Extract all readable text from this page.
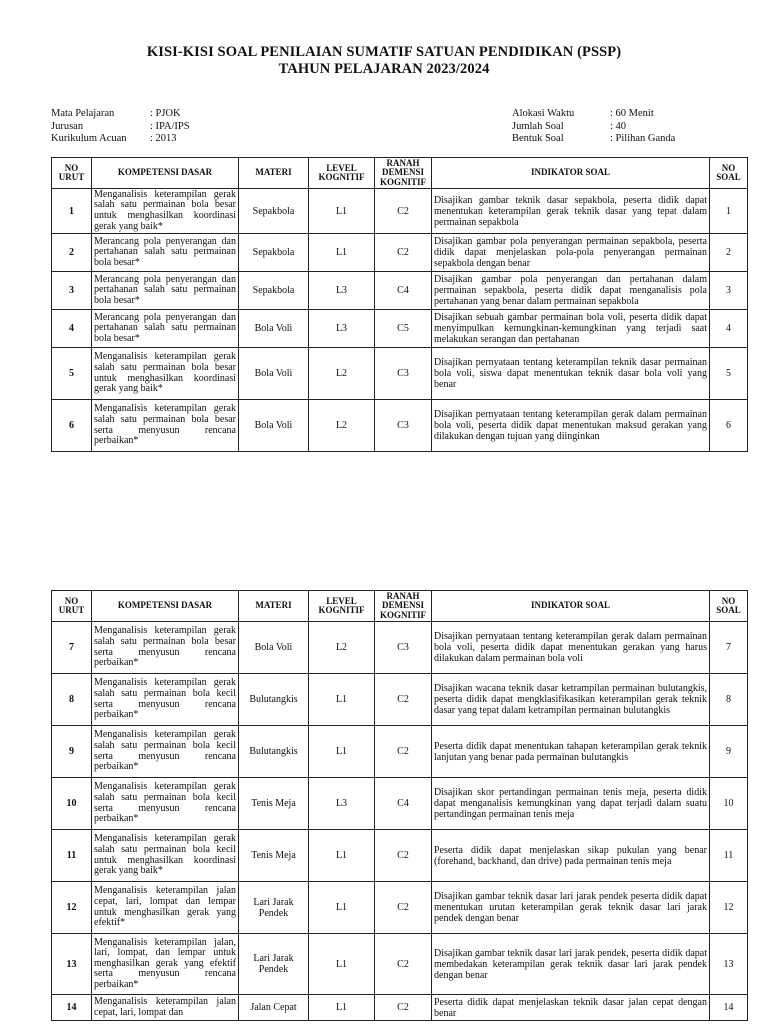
KISI-KISI SOAL PENILAIAN SUMATIF SATUAN PENDIDIKAN (PSSP)
TAHUN PELAJARAN 2023/2024
Mata Pelajaran	: PJOK
Jurusan	: IPA/IPS
Kurikulum Acuan	: 2013
Alokasi Waktu	: 60 Menit
Jumlah Soal	: 40
Bentuk Soal	: Pilihan Ganda
NO URUT	KOMPETENSI DASAR	MATERI	LEVEL KOGNITIF	RANAH DEMENSI KOGNITIF	INDIKATOR SOAL	NO SOAL
1	Menganalisis keterampilan gerak salah satu permainan bola besar untuk menghasilkan koordinasi gerak yang baik*	Sepakbola	L1	C2	Disajikan gambar teknik dasar sepakbola, peserta didik dapat menentukan keterampilan gerak teknik dasar yang tepat dalam permainan sepakbola	1
2	Merancang pola penyerangan dan pertahanan salah satu permainan bola besar*	Sepakbola	L1	C2	Disajikan gambar pola penyerangan permainan sepakbola, peserta didik dapat menjelaskan pola-pola penyerangan permainan sepakbola dengan benar	2
3	Merancang pola penyerangan dan pertahanan salah satu permainan bola besar*	Sepakbola	L3	C4	Disajikan gambar pola penyerangan dan pertahanan dalam permainan sepakbola, peserta didik dapat menganalisis pola pertahanan yang benar dalam permainan sepakbola	3
4	Merancang pola penyerangan dan pertahanan salah satu permainan bola besar*	Bola Voli	L3	C5	Disajikan sebuah gambar permainan bola voli, peserta didik dapat menyimpulkan kemungkinan-kemungkinan yang terjadi saat melakukan serangan dan pertahanan	4
5	Menganalisis keterampilan gerak salah satu permainan bola besar untuk menghasilkan koordinasi gerak yang baik*	Bola Voli	L2	C3	Disajikan pernyataan tentang keterampilan teknik dasar permainan bola voli, siswa dapat menentukan teknik dasar bola voli yang benar	5
6	Menganalisis keterampilan gerak salah satu permainan bola besar serta menyusun rencana perbaikan*	Bola Voli	L2	C3	Disajikan pernyataan tentang keterampilan gerak dalam permainan bola voli, peserta didik dapat menentukan maksud gerakan yang dilakukan dengan tujuan yang diinginkan	6
NO URUT	KOMPETENSI DASAR	MATERI	LEVEL KOGNITIF	RANAH DEMENSI KOGNITIF	INDIKATOR SOAL	NO SOAL
7	Menganalisis keterampilan gerak salah satu permainan bola besar serta menyusun rencana perbaikan*	Bola Voli	L2	C3	Disajikan pernyataan tentang keterampilan gerak dalam permainan bola voli, peserta didik dapat menentukan gerakan yang harus dilakukan dalam permainan bola voli	7
8	Menganalisis keterampilan gerak salah satu permainan bola kecil serta menyusun rencana perbaikan*	Bulutangkis	L1	C2	Disajikan wacana teknik dasar ketrampilan permainan bulutangkis, peserta didik dapat mengklasifikasikan keterampilan gerak teknik dasar yang tepat dalam ketrampilan permainan bulutangkis	8
9	Menganalisis keterampilan gerak salah satu permainan bola kecil serta menyusun rencana perbaikan*	Bulutangkis	L1	C2	Peserta didik dapat menentukan tahapan keterampilan gerak teknik lanjutan yang benar pada permainan bulutangkis	9
10	Menganalisis keterampilan gerak salah satu permainan bola kecil serta menyusun rencana perbaikan*	Tenis Meja	L3	C4	Disajikan skor pertandingan permainan tenis meja, peserta didik dapat menganalisis kemungkinan yang dapat terjadi dalam suatu pertandingan permainan tenis meja	10
11	Menganalisis keterampilan gerak salah satu permainan bola kecil untuk menghasilkan koordinasi gerak yang baik*	Tenis Meja	L1	C2	Peserta didik dapat menjelaskan sikap pukulan yang benar (forehand, backhand, dan drive) pada permainan tenis meja	11
12	Menganalisis keterampilan jalan cepat, lari, lompat dan lempar untuk menghasilkan gerak yang efektif*	Lari Jarak Pendek	L1	C2	Disajikan gambar teknik dasar lari jarak pendek peserta didik dapat menentukan urutan keterampilan gerak teknik dasar lari jarak pendek dengan benar	12
13	Menganalisis keterampilan jalan, lari, lompat, dan lempar untuk menghasilkan gerak yang efektif serta menyusun rencana perbaikan*	Lari Jarak Pendek	L1	C2	Disajikan gambar teknik dasar lari jarak pendek, peserta didik dapat membedakan keterampilan gerak teknik dasar lari jarak pendek dengan benar	13
14	Menganalisis keterampilan jalan cepat, lari, lompat dan	Jalan Cepat	L1	C2	Peserta didik dapat menjelaskan teknik dasar jalan cepat dengan benar	14
